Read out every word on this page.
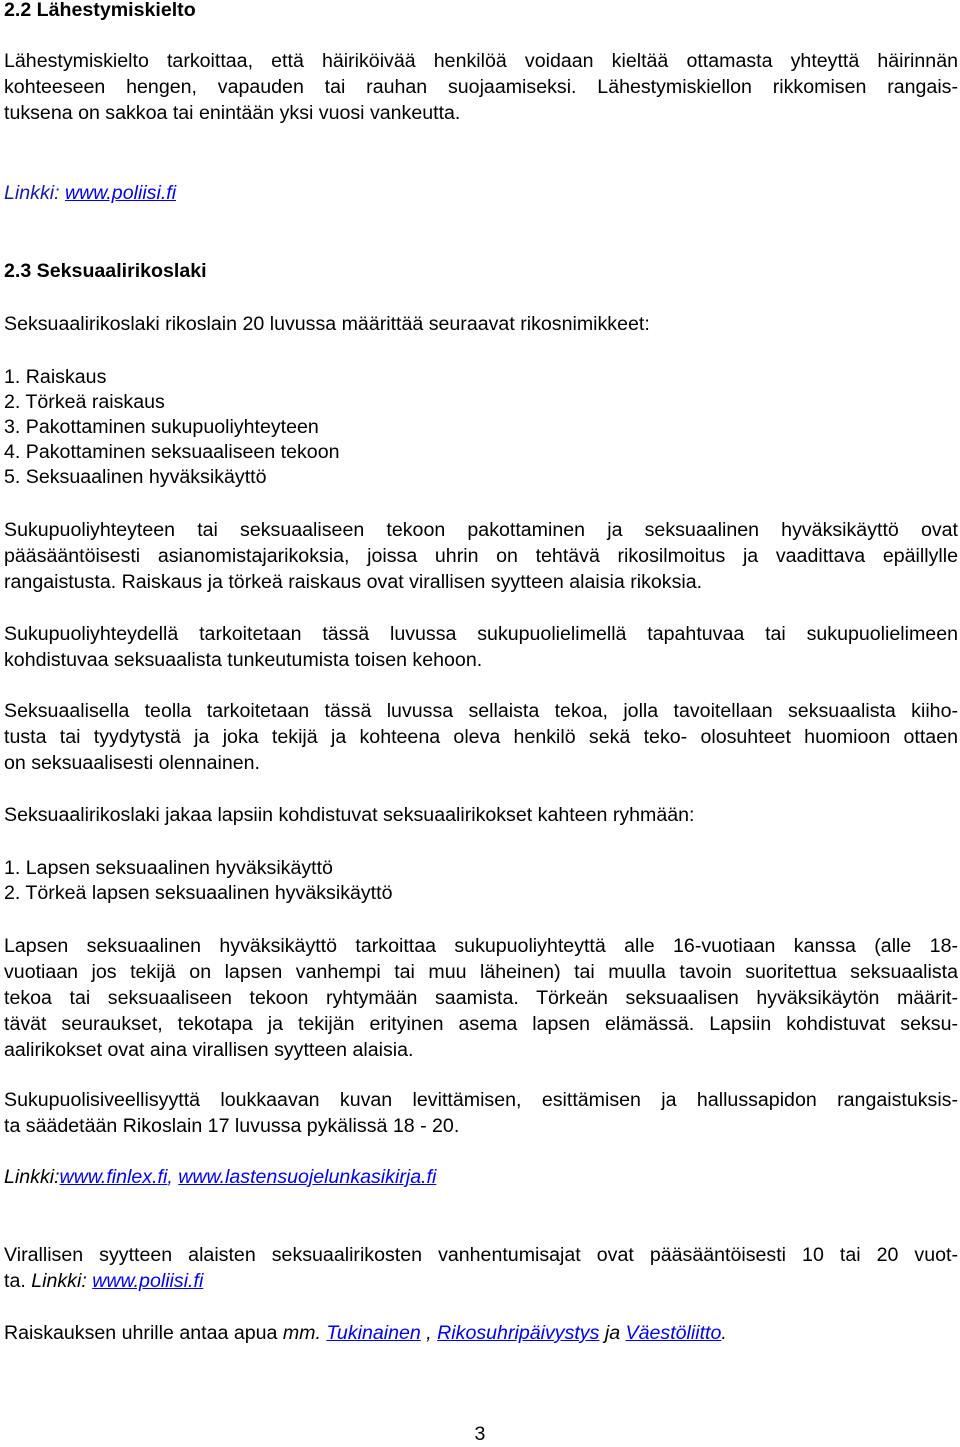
2.2 Lähestymiskielto

Lähestymiskielto tarkoittaa, että häiriköivää henkilöä voidaan kieltää ottamasta yhteyttä häirinnän
kohteeseen hengen, vapauden tai rauhan suojaamiseksi. Lähestymiskiellon rikkomisen rangais-
tuksena on sakkoa tai enintään yksi vuosi vankeutta.

Linkki: www.poliisi.fi

2.3 Seksuaalirikoslaki

Seksuaalirikoslaki rikoslain 20 luvussa määrittää seuraavat rikosnimikkeet:

1. Raiskaus
2. Törkeä raiskaus
3. Pakottaminen sukupuoliyhteyteen
4. Pakottaminen seksuaaliseen tekoon
5. Seksuaalinen hyväksikäyttö

Sukupuoliyhteyteen tai seksuaaliseen tekoon pakottaminen ja seksuaalinen hyväksikäyttö ovat
pääsääntöisesti asianomistajarikoksia, joissa uhrin on tehtävä rikosilmoitus ja vaadittava epäillylle
rangaistusta. Raiskaus ja törkeä raiskaus ovat virallisen syytteen alaisia rikoksia.

Sukupuoliyhteydellä tarkoitetaan tässä luvussa sukupuolielimellä tapahtuvaa tai sukupuolielimeen
kohdistuvaa seksuaalista tunkeutumista toisen kehoon.

Seksuaalisella teolla tarkoitetaan tässä luvussa sellaista tekoa, jolla tavoitellaan seksuaalista kiiho-
tusta tai tyydytystä ja joka tekijä ja kohteena oleva henkilö sekä teko- olosuhteet huomioon ottaen
on seksuaalisesti olennainen.

Seksuaalirikoslaki jakaa lapsiin kohdistuvat seksuaalirikokset kahteen ryhmään:

1. Lapsen seksuaalinen hyväksikäyttö
2. Törkeä lapsen seksuaalinen hyväksikäyttö

Lapsen seksuaalinen hyväksikäyttö tarkoittaa sukupuoliyhteyttä alle 16-vuotiaan kanssa (alle 18-
vuotiaan jos tekijä on lapsen vanhempi tai muu läheinen) tai muulla tavoin suoritettua seksuaalista
tekoa tai seksuaaliseen tekoon ryhtymään saamista. Törkeän seksuaalisen hyväksikäytön määrit-
tävät seuraukset, tekotapa ja tekijän erityinen asema lapsen elämässä. Lapsiin kohdistuvat seksu-
aalirikokset ovat aina virallisen syytteen alaisia.

Sukupuolisiveellisyyttä loukkaavan kuvan levittämisen, esittämisen ja hallussapidon rangaistuksis-
ta säädetään Rikoslain 17 luvussa pykälissä 18 - 20.

Linkki:www.finlex.fi, www.lastensuojelunkasikirja.fi

Virallisen syytteen alaisten seksuaalirikosten vanhentumisajat ovat pääsääntöisesti 10 tai 20 vuot-
ta. Linkki: www.poliisi.fi

Raiskauksen uhrille antaa apua mm. Tukinainen , Rikosuhripäivystys ja Väestöliitto.

3
